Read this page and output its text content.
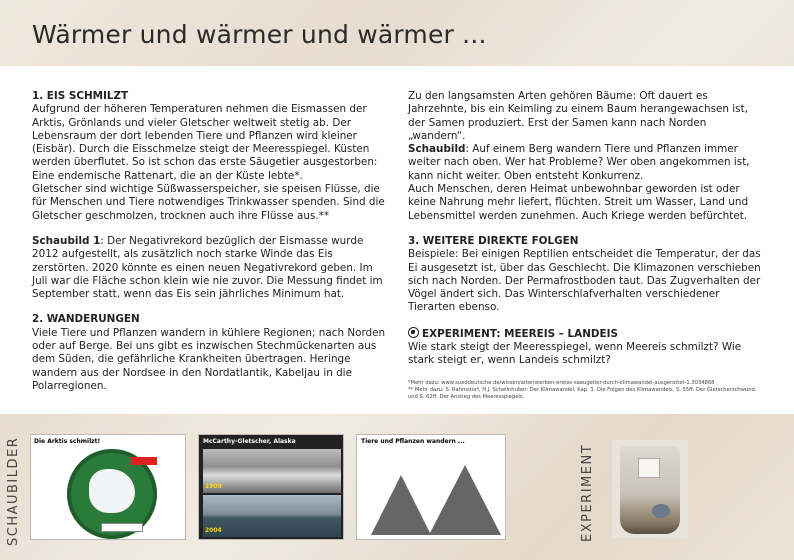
Wärmer und wärmer und wärmer ...
1. EIS SCHMILZT

Aufgrund der höheren Temperaturen nehmen die Eismassen der Arktis, Grönlands und vieler Gletscher weltweit stetig ab. Der Lebensraum der dort lebenden Tiere und Pflanzen wird kleiner (Eisbär). Durch die Eisschmelze steigt der Meeresspiegel. Küsten werden überflutet. So ist schon das erste Säugetier ausgestorben: Eine endemische Rattenart, die an der Küste lebte*.

Gletscher sind wichtige Süßwasserspeicher, sie speisen Flüsse, die für Menschen und Tiere notwendiges Trinkwasser spenden. Sind die Gletscher geschmolzen, trocknen auch ihre Flüsse aus.**

Schaubild 1: Der Negativrekord bezüglich der Eismasse wurde 2012 aufgestellt, als zusätzlich noch starke Winde das Eis zerstörten. 2020 könnte es einen neuen Negativrekord geben. Im Juli war die Fläche schon klein wie nie zuvor. Die Messung findet im September statt, wenn das Eis sein jährliches Minimum hat.

2. WANDERUNGEN

Viele Tiere und Pflanzen wandern in kühlere Regionen; nach Norden oder auf Berge. Bei uns gibt es inzwischen Stechmückenarten aus dem Süden, die gefährliche Krankheiten übertragen. Heringe wandern aus der Nordsee in den Nordatlantik, Kabeljau in die Polarregionen.

Zu den langsamsten Arten gehören Bäume: Oft dauert es Jahrzehnte, bis ein Keimling zu einem Baum herangewachsen ist, der Samen produziert. Erst der Samen kann nach Norden „wandern“.

Schaubild: Auf einem Berg wandern Tiere und Pflanzen immer weiter nach oben. Wer hat Probleme? Wer oben angekommen ist, kann nicht weiter. Oben entsteht Konkurrenz.

Auch Menschen, deren Heimat unbewohnbar geworden ist oder keine Nahrung mehr liefert, flüchten. Streit um Wasser, Land und Lebensmittel werden zunehmen. Auch Kriege werden befürchtet.

3. WEITERE DIREKTE FOLGEN

Beispiele: Bei einigen Reptilien entscheidet die Temperatur, der das Ei ausgesetzt ist, über das Geschlecht. Die Klimazonen verschieben sich nach Norden. Der Permafrostboden taut. Das Zugverhalten der Vögel ändert sich. Das Winterschlafverhalten verschiedener Tierarten ebenso.

EXPERIMENT: MEEREIS – LANDEIS

Wie stark steigt der Meeresspiegel, wenn Meereis schmilzt? Wie stark steigt er, wenn Landeis schmilzt?

*Mehr dazu: www.sueddeutsche.de/wissen/artensterben-erstes-saeugetier-durch-klimawandel-ausgerottet-1.3034868
** Mehr dazu: S. Rahmstorf, H.J. Schellnhuber: Der Klimawandel. Kap. 3. Die Folgen des Klimawandels. S. 55ff. Der Gletscherschwund. und S. 62ff. Der Anstieg des Meeresspiegels.
SCHAUBILDER Die Arktis schmilzt!	McCarthy-Gletscher, Alaska
1909
2004
Tiere und Pflanzen wandern ...
EXPERIMENT
